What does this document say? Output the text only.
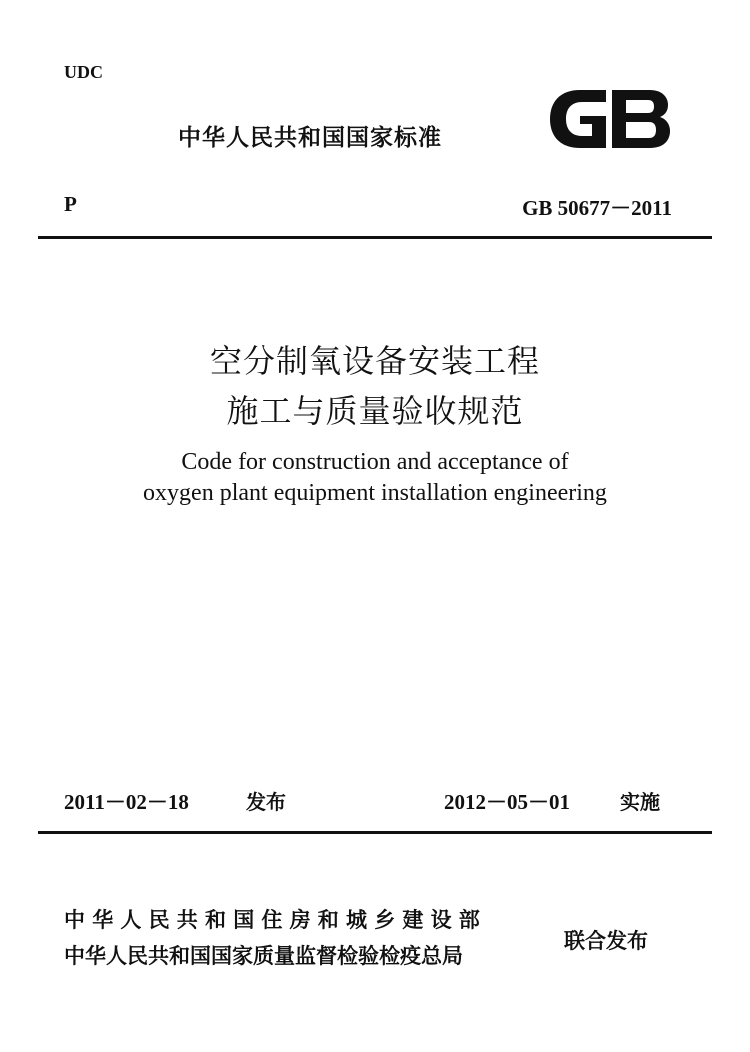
UDC
中华人民共和国国家标准
P	GB 50677－2011
空分制氧设备安装工程
施工与质量验收规范
Code for construction and acceptance of
oxygen plant equipment installation engineering
2011－02－18	发布	2012－05－01	实施
中华人民共和国住房和城乡建设部
中华人民共和国国家质量监督检验检疫总局
联合发布
